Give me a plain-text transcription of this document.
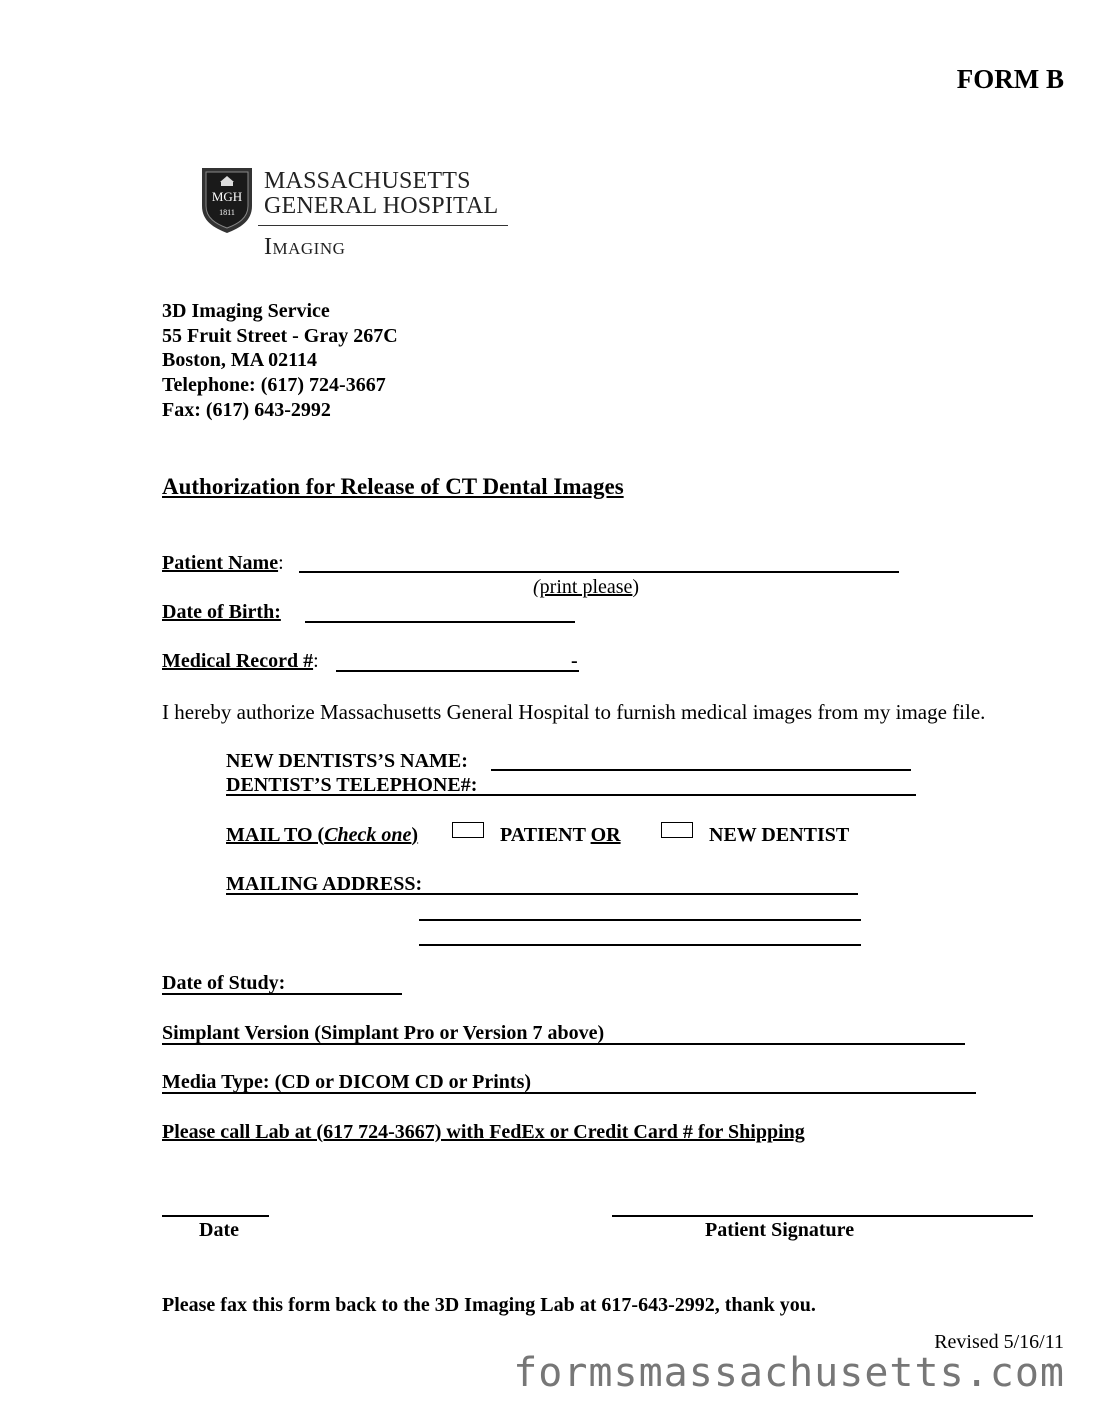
FORM B
MGH
1811
MASSACHUSETTS
GENERAL HOSPITAL
Imaging
3D Imaging Service
55 Fruit Street - Gray 267C
Boston, MA 02114
Telephone: (617) 724-3667
Fax: (617) 643-2992
Authorization for Release of CT Dental Images
Patient Name:
(print please)
Date of Birth:
Medical Record #:	-
I hereby authorize Massachusetts General Hospital to furnish medical images from my image file.
NEW DENTISTS’S NAME:
DENTIST’S TELEPHONE#:
MAIL TO (Check one)	PATIENT OR	NEW DENTIST
MAILING ADDRESS:
Date of Study:
Simplant Version (Simplant Pro or Version 7 above)
Media Type: (CD or DICOM CD or Prints)
Please call Lab at (617 724-3667) with FedEx or Credit Card # for Shipping
Date	Patient Signature
Please fax this form back to the 3D Imaging Lab at 617-643-2992, thank you.
Revised 5/16/11
formsmassachusetts.com
